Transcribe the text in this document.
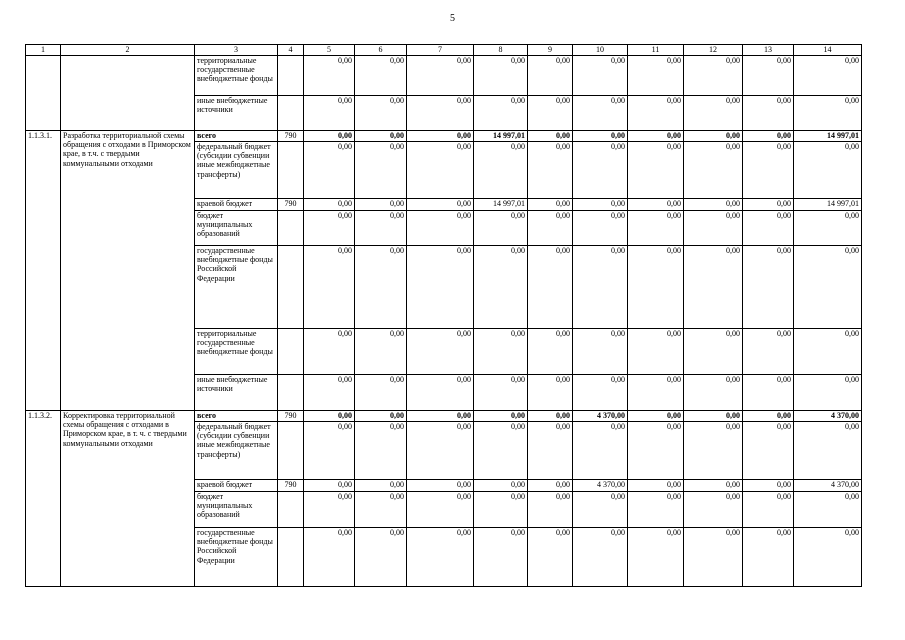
5
1	2	3	4	5	6	7	8	9	10	11	12	13	14
		территориальные государственные внебюджетные фонды		0,00	0,00	0,00	0,00	0,00	0,00	0,00	0,00	0,00	0,00
		иные внебюджетные источники		0,00	0,00	0,00	0,00	0,00	0,00	0,00	0,00	0,00	0,00
1.1.3.1.	Разработка территориальной схемы обращения с отходами в Приморском крае, в т.ч. с твердыми коммунальными отходами	всего	790	0,00	0,00	0,00	14 997,01	0,00	0,00	0,00	0,00	0,00	14 997,01
		федеральный бюджет (субсидии субвенции иные межбюджетные трансферты)		0,00	0,00	0,00	0,00	0,00	0,00	0,00	0,00	0,00	0,00
		краевой бюджет	790	0,00	0,00	0,00	14 997,01	0,00	0,00	0,00	0,00	0,00	14 997,01
		бюджет муниципальных образований		0,00	0,00	0,00	0,00	0,00	0,00	0,00	0,00	0,00	0,00
		государственные внебюджетные фонды Российской Федерации		0,00	0,00	0,00	0,00	0,00	0,00	0,00	0,00	0,00	0,00
		территориальные государственные внебюджетные фонды		0,00	0,00	0,00	0,00	0,00	0,00	0,00	0,00	0,00	0,00
		иные внебюджетные источники		0,00	0,00	0,00	0,00	0,00	0,00	0,00	0,00	0,00	0,00
1.1.3.2.	Корректировка территориальной схемы обращения с отходами в Приморском крае, в т. ч. с твердыми коммунальными отходами	всего	790	0,00	0,00	0,00	0,00	0,00	4 370,00	0,00	0,00	0,00	4 370,00
		федеральный бюджет (субсидии субвенции иные межбюджетные трансферты)		0,00	0,00	0,00	0,00	0,00	0,00	0,00	0,00	0,00	0,00
		краевой бюджет	790	0,00	0,00	0,00	0,00	0,00	4 370,00	0,00	0,00	0,00	4 370,00
		бюджет муниципальных образований		0,00	0,00	0,00	0,00	0,00	0,00	0,00	0,00	0,00	0,00
		государственные внебюджетные фонды Российской Федерации		0,00	0,00	0,00	0,00	0,00	0,00	0,00	0,00	0,00	0,00
